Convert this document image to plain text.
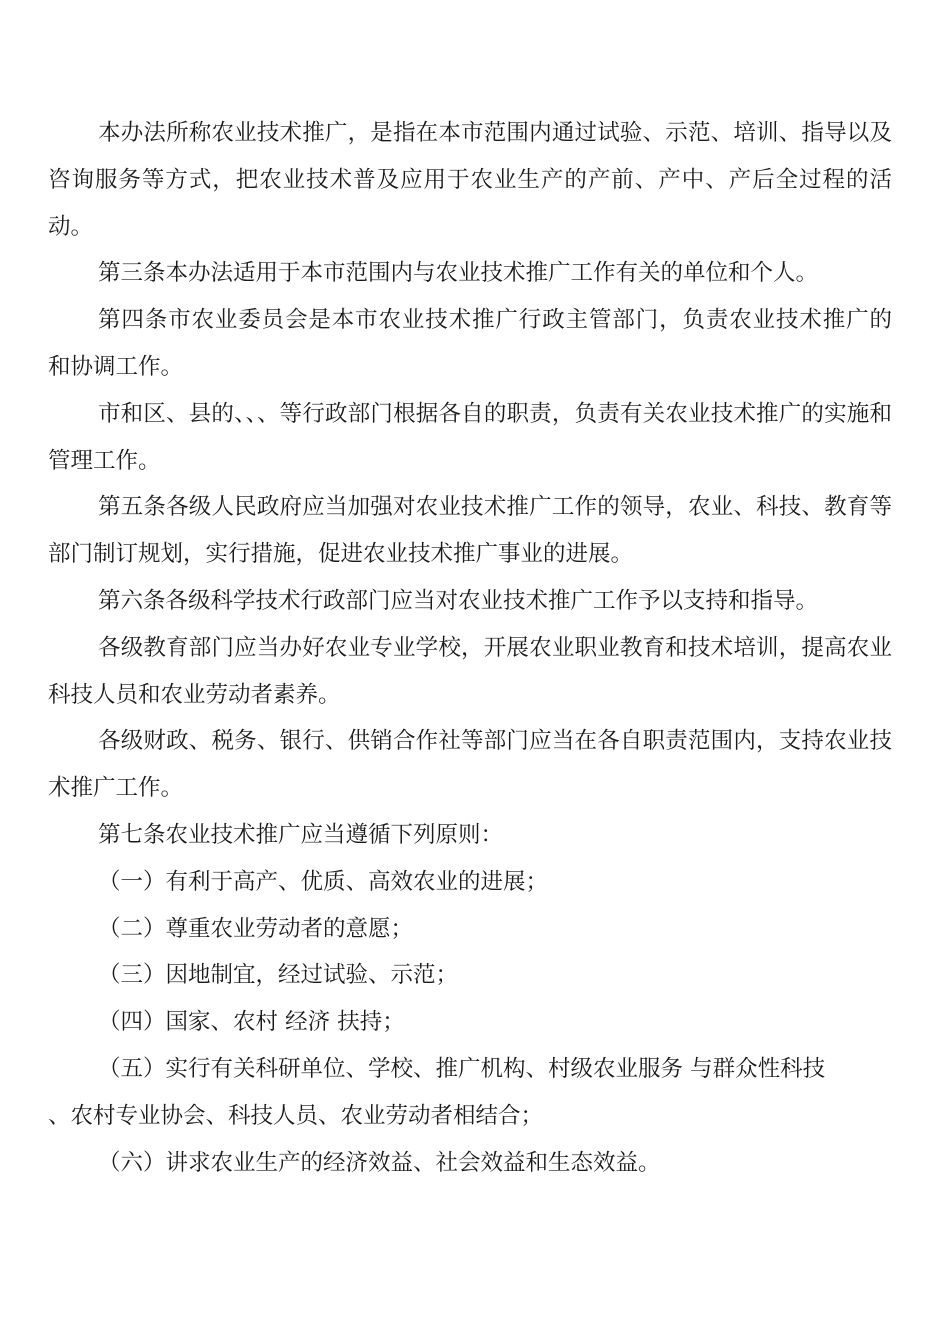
本办法所称农业技术推广，是指在本市范围内通过试验、示范、培训、指导以及咨询服务等方式，把农业技术普及应用于农业生产的产前、产中、产后全过程的活动。

第三条本办法适用于本市范围内与农业技术推广工作有关的单位和个人。

第四条市农业委员会是本市农业技术推广行政主管部门，负责农业技术推广的 和协调工作。

市和区、县的、、、等行政部门根据各自的职责，负责有关农业技术推广的实施和管理工作。

第五条各级人民政府应当加强对农业技术推广工作的领导，农业、科技、教育等部门制订规划，实行措施，促进农业技术推广事业的进展。

第六条各级科学技术行政部门应当对农业技术推广工作予以支持和指导。

各级教育部门应当办好农业专业学校，开展农业职业教育和技术培训，提高农业科技人员和农业劳动者素养。

各级财政、税务、银行、供销合作社等部门应当在各自职责范围内，支持农业技术推广工作。

第七条农业技术推广应当遵循下列原则：

（一）有利于高产、优质、高效农业的进展；

（二）尊重农业劳动者的意愿；

（三）因地制宜，经过试验、示范；

（四）国家、农村 经济 扶持；

（五）实行有关科研单位、学校、推广机构、村级农业服务 与群众性科技

、农村专业协会、科技人员、农业劳动者相结合；

（六）讲求农业生产的经济效益、社会效益和生态效益。
